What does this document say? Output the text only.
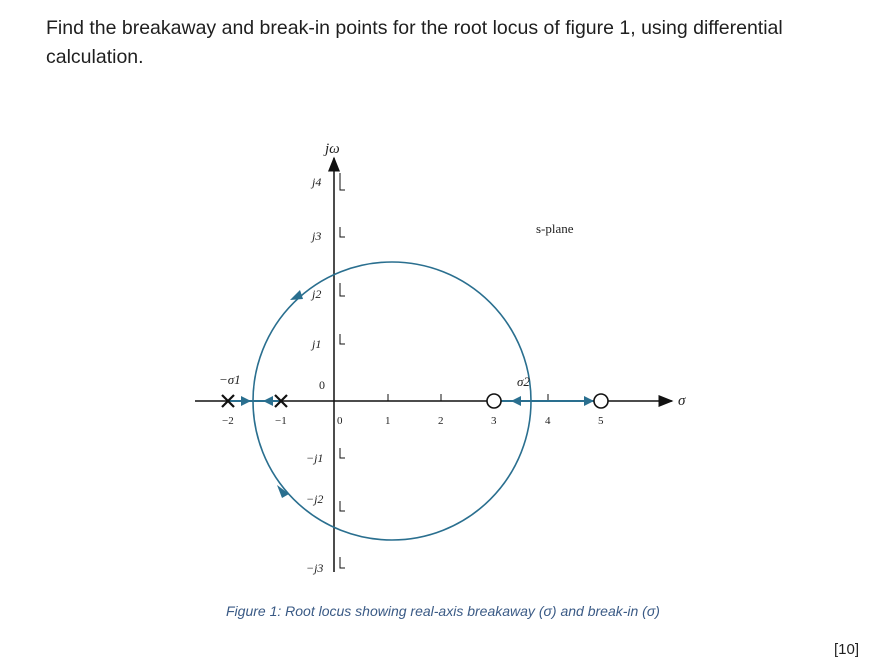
Find the breakaway and break-in points for the root locus of figure 1, using differential calculation.
jω
σ
s-plane
−σ1	σ2
0
0	1	2	3	4	5
−2	−1
j4
j3
j2
j1
−j1
−j2
−j3
Figure 1: Root locus showing real-axis breakaway (σ) and break-in (σ)
[10]
